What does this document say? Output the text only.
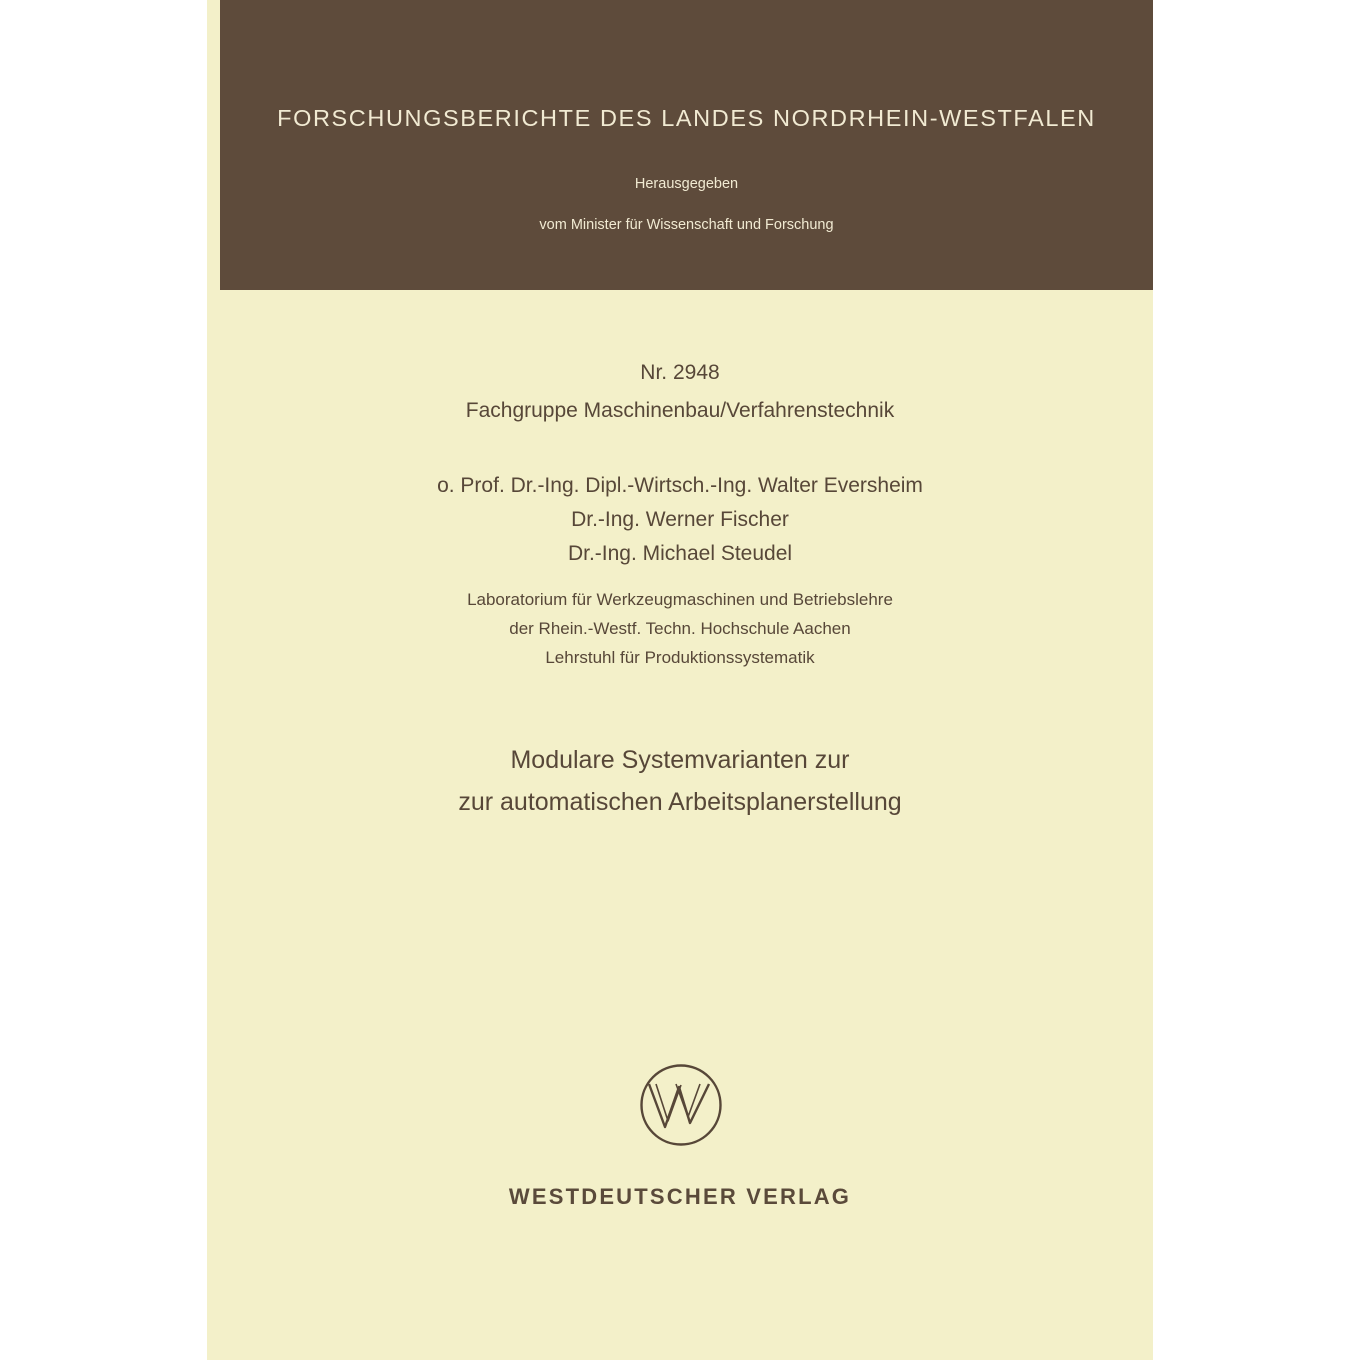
FORSCHUNGSBERICHTE DES LANDES NORDRHEIN-WESTFALEN
Herausgegeben
vom Minister für Wissenschaft und Forschung
Nr. 2948
Fachgruppe Maschinenbau/Verfahrenstechnik
o. Prof. Dr.-Ing. Dipl.-Wirtsch.-Ing. Walter Eversheim
Dr.-Ing. Werner Fischer
Dr.-Ing. Michael Steudel
Laboratorium für Werkzeugmaschinen und Betriebslehre
der Rhein.-Westf. Techn. Hochschule Aachen
Lehrstuhl für Produktionssystematik
Modulare Systemvarianten zur
zur automatischen Arbeitsplanerstellung
WESTDEUTSCHER VERLAG
